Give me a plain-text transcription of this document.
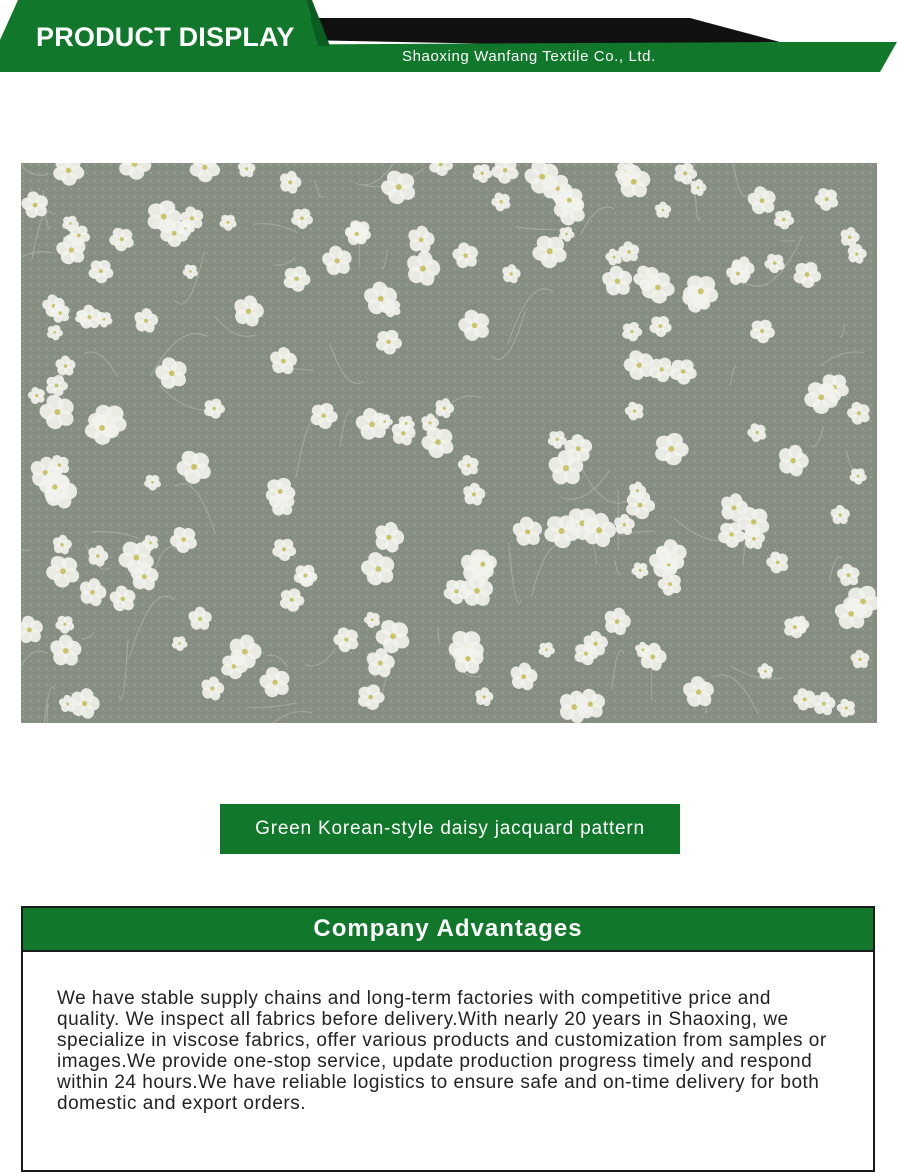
PRODUCT DISPLAY
Shaoxing Wanfang Textile Co., Ltd.
Green Korean-style daisy jacquard pattern
Company Advantages
We have stable supply chains and long-term factories with competitive price and quality. We inspect all fabrics before delivery.With nearly 20 years in Shaoxing, we specialize in viscose fabrics, offer various products and customization from samples or images.We provide one-stop service, update production progress timely and respond within 24 hours.We have reliable logistics to ensure safe and on-time delivery for both domestic and export orders.
